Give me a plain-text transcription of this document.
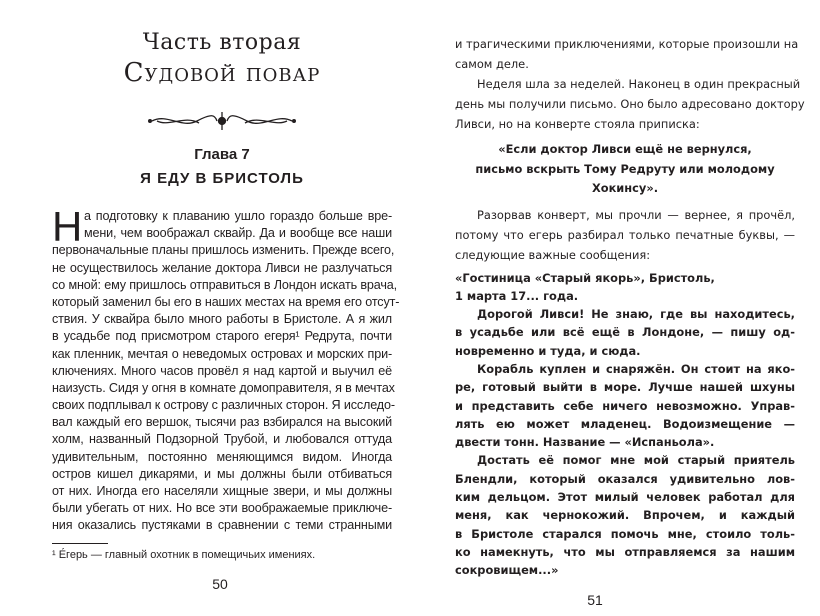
Часть вторая
Судовой повар
Глава 7
Я ЕДУ В БРИСТОЛЬ
Н а подготовку к плаванию ушло гораздо больше вре-
мени, чем воображал сквайр. Да и вообще все наши
первоначальные планы пришлось изменить. Прежде всего,
не осуществилось желание доктора Ливси не разлучаться
со мной: ему пришлось отправиться в Лондон искать врача,
который заменил бы его в наших местах на время его отсут-
ствия. У сквайра было много работы в Бристоле. А я жил
в усадьбе под присмотром старого егеря¹ Редрута, почти
как пленник, мечтая о неведомых островах и морских при-
ключениях. Много часов провёл я над картой и выучил её
наизусть. Сидя у огня в комнате домоправителя, я в мечтах
своих подплывал к острову с различных сторон. Я исследо-
вал каждый его вершок, тысячи раз взбирался на высокий
холм, названный Подзорной Трубой, и любовался оттуда
удивительным, постоянно меняющимся видом. Иногда
остров кишел дикарями, и мы должны были отбиваться
от них. Иногда его населяли хищные звери, и мы должны
были убегать от них. Но все эти воображаемые приключе-
ния оказались пустяками в сравнении с теми странными
¹ Е́герь — главный охотник в помещичьих имениях.
50
и трагическими приключениями, которые произошли на
самом деле.
Неделя шла за неделей. Наконец в один прекрасный
день мы получили письмо. Оно было адресовано доктору
Ливси, но на конверте стояла приписка:
«Если доктор Ливси ещё не вернулся,
письмо вскрыть Тому Редруту или молодому
Хокинсу».
Разорвав конверт, мы прочли — вернее, я прочёл,
потому что егерь разбирал только печатные буквы, —
следующие важные сообщения:
«Гостиница «Старый якорь», Бристоль,
1 марта 17... года.
Дорогой Ливси! Не знаю, где вы находитесь,
в усадьбе или всё ещё в Лондоне, — пишу од-
новременно и туда, и сюда.
Корабль куплен и снаряжён. Он стоит на яко-
ре, готовый выйти в море. Лучше нашей шхуны
и представить себе ничего невозможно. Управ-
лять ею может младенец. Водоизмещение —
двести тонн. Название — «Испаньола».
Достать её помог мне мой старый приятель
Блендли, который оказался удивительно лов-
ким дельцом. Этот милый человек работал для
меня, как чернокожий. Впрочем, и каждый
в Бристоле старался помочь мне, стоило толь-
ко намекнуть, что мы отправляемся за нашим
сокровищем...»
51
